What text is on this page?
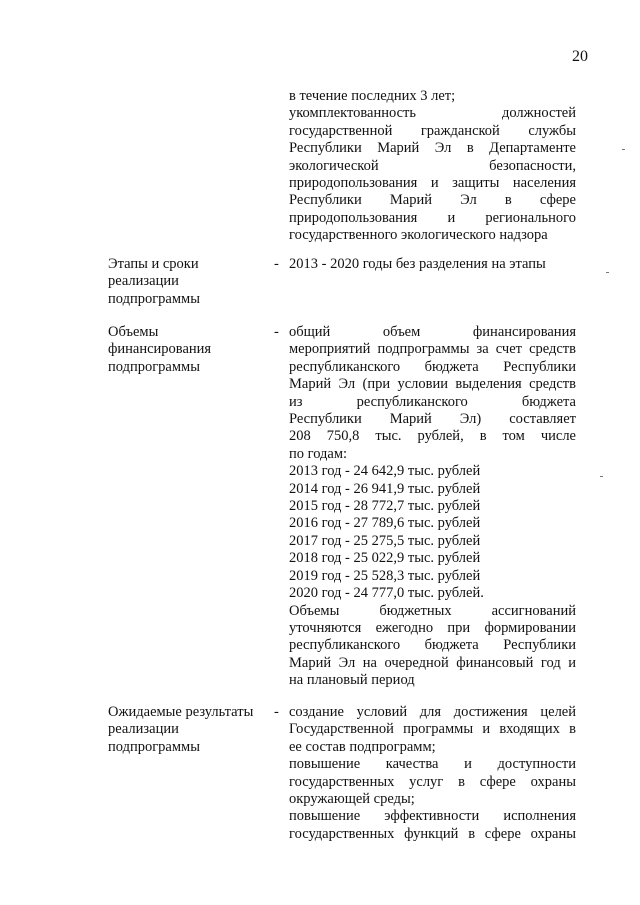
20

в течение последних 3 лет;

укомплектованность должностей

государственной гражданской службы

Республики Марий Эл в Департаменте

экологической безопасности,

природопользования и защиты населения

Республики Марий Эл в сфере

природопользования и регионального

государственного экологического надзора

Этапы и сроки
реализации
подпрограммы
- 2013 - 2020 годы без разделения на этапы

Объемы
финансирования
подпрограммы
- общий объем финансирования

мероприятий подпрограммы за счет средств

республиканского бюджета Республики

Марий Эл (при условии выделения средств

из республиканского бюджета

Республики Марий Эл) составляет

208 750,8 тыс. рублей, в том числе

по годам:

2013 год - 24 642,9 тыс. рублей

2014 год - 26 941,9 тыс. рублей

2015 год - 28 772,7 тыс. рублей

2016 год - 27 789,6 тыс. рублей

2017 год - 25 275,5 тыс. рублей

2018 год - 25 022,9 тыс. рублей

2019 год - 25 528,3 тыс. рублей

2020 год - 24 777,0 тыс. рублей.

Объемы бюджетных ассигнований

уточняются ежегодно при формировании

республиканского бюджета Республики

Марий Эл на очередной финансовый год и

на плановый период

Ожидаемые результаты
реализации
подпрограммы
- создание условий для достижения целей

Государственной программы и входящих в

ее состав подпрограмм;

повышение качества и доступности

государственных услуг в сфере охраны

окружающей среды;

повышение эффективности исполнения

государственных функций в сфере охраны
